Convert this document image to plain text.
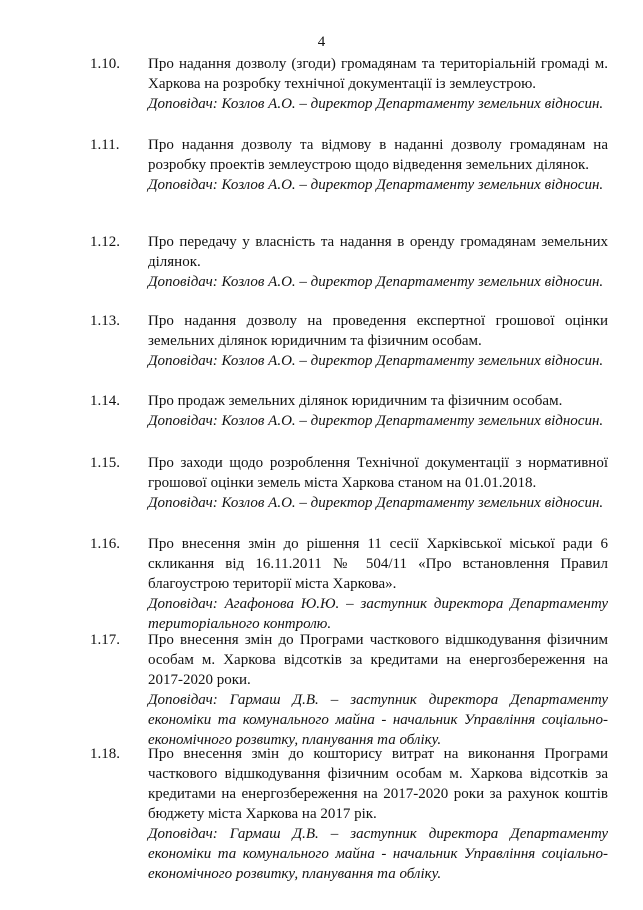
4
1.10.	Про надання дозволу (згоди) громадянам та територіальній громаді м. Харкова на розробку технічної документації із землеустрою.
Доповідач: Козлов А.О. – директор Департаменту земельних відносин.
1.11.	Про надання дозволу та відмову в наданні дозволу громадянам на розробку проектів землеустрою щодо відведення земельних ділянок.
Доповідач: Козлов А.О. – директор Департаменту земельних відносин.
1.12.	Про передачу у власність та надання в оренду громадянам земельних ділянок.
Доповідач: Козлов А.О. – директор Департаменту земельних відносин.
1.13.	Про надання дозволу на проведення експертної грошової оцінки земельних ділянок юридичним та фізичним особам.
Доповідач: Козлов А.О. – директор Департаменту земельних відносин.
1.14.	Про продаж земельних ділянок юридичним та фізичним особам.
Доповідач: Козлов А.О. – директор Департаменту земельних відносин.
1.15.	Про заходи щодо розроблення Технічної документації з нормативної грошової оцінки земель міста Харкова станом на 01.01.2018.
Доповідач: Козлов А.О. – директор Департаменту земельних відносин.
1.16.	Про внесення змін до рішення 11 сесії Харківської міської ради 6 скликання від 16.11.2011 № 504/11 «Про встановлення Правил благоустрою території міста Харкова».
Доповідач: Агафонова Ю.Ю. – заступник директора Департаменту територіального контролю.
1.17.	Про внесення змін до Програми часткового відшкодування фізичним особам м. Харкова відсотків за кредитами на енергозбереження на 2017-2020 роки.
Доповідач: Гармаш Д.В. – заступник директора Департаменту економіки та комунального майна - начальник Управління соціально-економічного розвитку, планування та обліку.
1.18.	Про внесення змін до кошторису витрат на виконання Програми часткового відшкодування фізичним особам м. Харкова відсотків за кредитами на енергозбереження на 2017-2020 роки за рахунок коштів бюджету міста Харкова на 2017 рік.
Доповідач: Гармаш Д.В. – заступник директора Департаменту економіки та комунального майна - начальник Управління соціально-економічного розвитку, планування та обліку.
